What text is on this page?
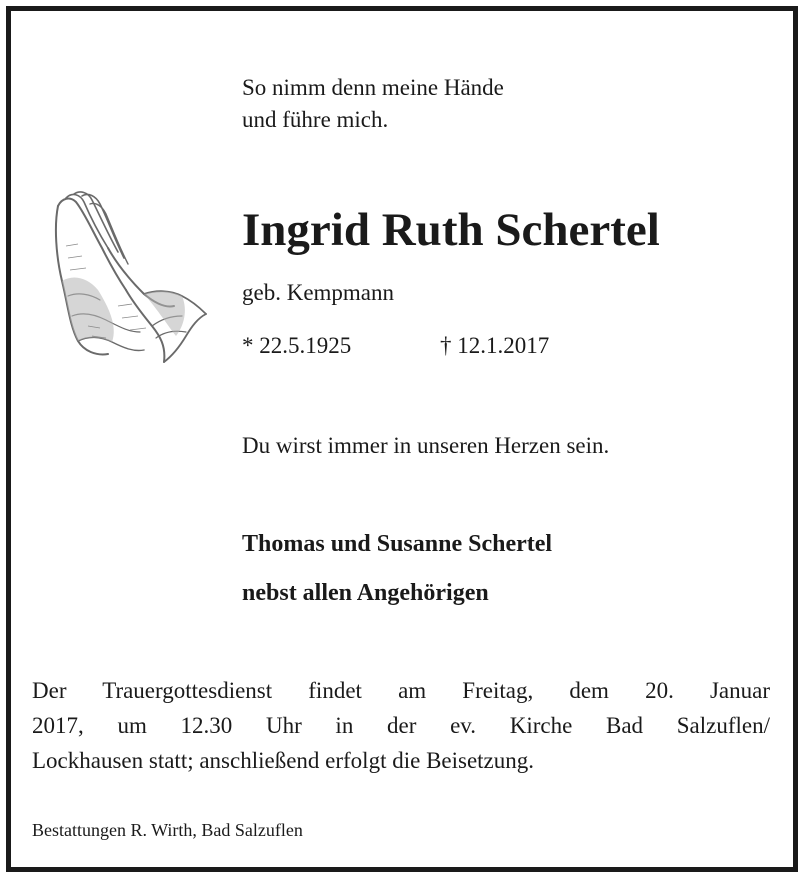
So nimm denn meine Hände
und führe mich.
Ingrid Ruth Schertel
geb. Kempmann
* 22.5.1925	† 12.1.2017
Du wirst immer in unseren Herzen sein.
Thomas und Susanne Schertel
nebst allen Angehörigen
Der Trauergottesdienst findet am Freitag, dem 20. Januar
2017, um 12.30 Uhr in der ev. Kirche Bad Salzuflen/
Lockhausen statt; anschließend erfolgt die Beisetzung.
Bestattungen R. Wirth, Bad Salzuflen
